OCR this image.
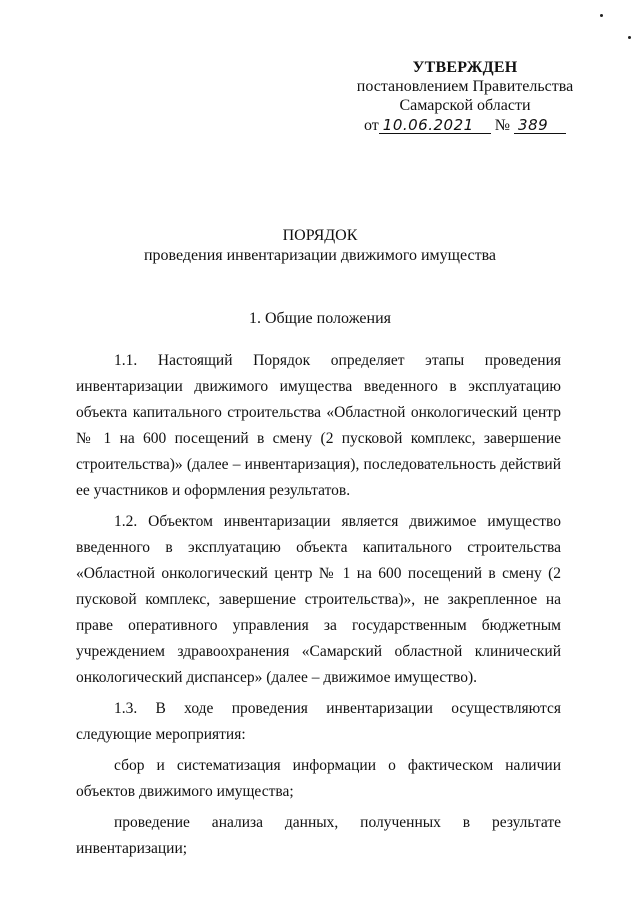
УТВЕРЖДЕН
постановлением Правительства
Самарской области
от 10.06.2021 № 389
ПОРЯДОК
проведения инвентаризации движимого имущества
1. Общие положения

1.1. Настоящий Порядок определяет этапы проведения инвентаризации движимого имущества введенного в эксплуатацию объекта капитального строительства «Областной онкологический центр № 1 на 600 посещений в смену (2 пусковой комплекс, завершение строительства)» (далее – инвентаризация), последовательность действий ее участников и оформления результатов.

1.2. Объектом инвентаризации является движимое имущество введенного в эксплуатацию объекта капитального строительства «Областной онкологический центр № 1 на 600 посещений в смену (2 пусковой комплекс, завершение строительства)», не закрепленное на праве оперативного управления за государственным бюджетным учреждением здравоохранения «Самарский областной клинический онкологический диспансер» (далее – движимое имущество).

1.3. В ходе проведения инвентаризации осуществляются следующие мероприятия:

сбор и систематизация информации о фактическом наличии объектов движимого имущества;

проведение анализа данных, полученных в результате инвентаризации;
